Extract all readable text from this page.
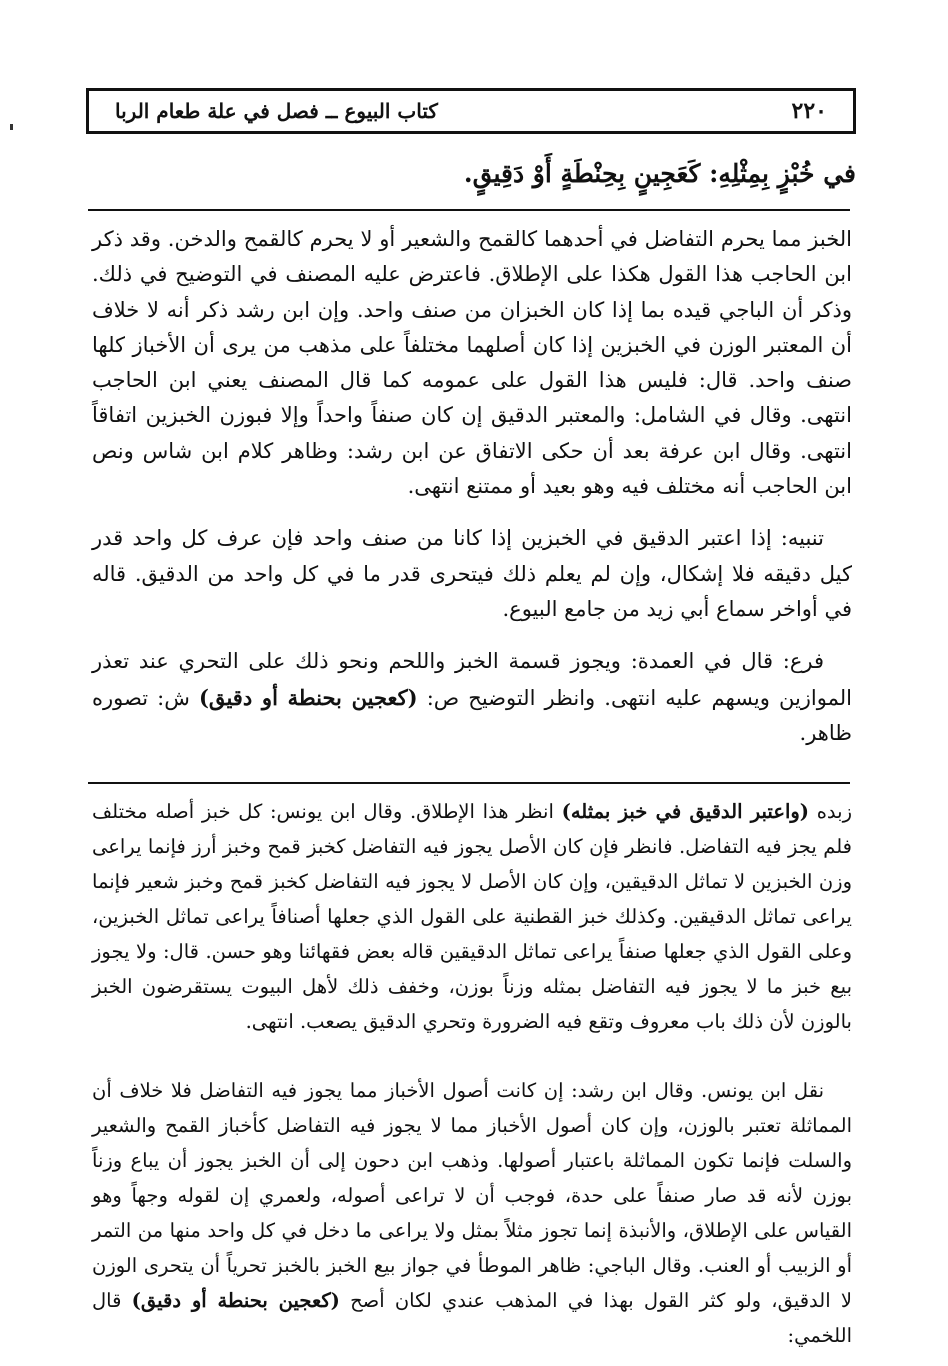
٢٢٠
كتاب البيوع ــ فصل في علة طعام الربا
في خُبْزٍ بِمِثْلِهِ: كَعَجِينٍ بِحِنْطَةٍ أَوْ دَقِيقٍ.

الخبز مما يحرم التفاضل في أحدهما كالقمح والشعير أو لا يحرم كالقمح والدخن. وقد ذكر ابن الحاجب هذا القول هكذا على الإطلاق. فاعترض عليه المصنف في التوضيح في ذلك. وذكر أن الباجي قيده بما إذا كان الخبزان من صنف واحد. وإن ابن رشد ذكر أنه لا خلاف أن المعتبر الوزن في الخبزين إذا كان أصلهما مختلفاً على مذهب من يرى أن الأخباز كلها صنف واحد. قال: فليس هذا القول على عمومه كما قال المصنف يعني ابن الحاجب انتهى. وقال في الشامل: والمعتبر الدقيق إن كان صنفاً واحداً وإلا فبوزن الخبزين اتفاقاً انتهى. وقال ابن عرفة بعد أن حكى الاتفاق عن ابن رشد: وظاهر كلام ابن شاس ونص ابن الحاجب أنه مختلف فيه وهو بعيد أو ممتنع انتهى.

تنبيه: إذا اعتبر الدقيق في الخبزين إذا كانا من صنف واحد فإن عرف كل واحد قدر كيل دقيقه فلا إشكال، وإن لم يعلم ذلك فيتحرى قدر ما في كل واحد من الدقيق. قاله في أواخر سماع أبي زيد من جامع البيوع.

فرع: قال في العمدة: ويجوز قسمة الخبز واللحم ونحو ذلك على التحري عند تعذر الموازين ويسهم عليه انتهى. وانظر التوضيح ص: (كعجين بحنطة أو دقيق) ش: تصوره ظاهر.

زبده (واعتبر الدقيق في خبز بمثله) انظر هذا الإطلاق. وقال ابن يونس: كل خبز أصله مختلف فلم يجز فيه التفاضل. فانظر فإن كان الأصل يجوز فيه التفاضل كخبز قمح وخبز أرز فإنما يراعى وزن الخبزين لا تماثل الدقيقين، وإن كان الأصل لا يجوز فيه التفاضل كخبز قمح وخبز شعير فإنما يراعى تماثل الدقيقين. وكذلك خبز القطنية على القول الذي جعلها أصنافاً يراعى تماثل الخبزين، وعلى القول الذي جعلها صنفاً يراعى تماثل الدقيقين قاله بعض فقهائنا وهو حسن. قال: ولا يجوز بيع خبز ما لا يجوز فيه التفاضل بمثله وزناً بوزن، وخفف ذلك لأهل البيوت يستقرضون الخبز بالوزن لأن ذلك باب معروف وتقع فيه الضرورة وتحري الدقيق يصعب. انتهى.

نقل ابن يونس. وقال ابن رشد: إن كانت أصول الأخباز مما يجوز فيه التفاضل فلا خلاف أن المماثلة تعتبر بالوزن، وإن كان أصول الأخباز مما لا يجوز فيه التفاضل كأخباز القمح والشعير والسلت فإنما تكون المماثلة باعتبار أصولها. وذهب ابن دحون إلى أن الخبز يجوز أن يباع وزناً بوزن لأنه قد صار صنفاً على حدة، فوجب أن لا تراعى أصوله، ولعمري إن لقوله وجهاً وهو القياس على الإطلاق، والأنبذة إنما تجوز مثلاً بمثل ولا يراعى ما دخل في كل واحد منها من التمر أو الزبيب أو العنب. وقال الباجي: ظاهر الموطأ في جواز بيع الخبز بالخبز تحرياً أن يتحرى الوزن لا الدقيق، ولو كثر القول بهذا في المذهب عندي لكان أصح (كعجين بحنطة أو دقيق) قال اللخمي:
